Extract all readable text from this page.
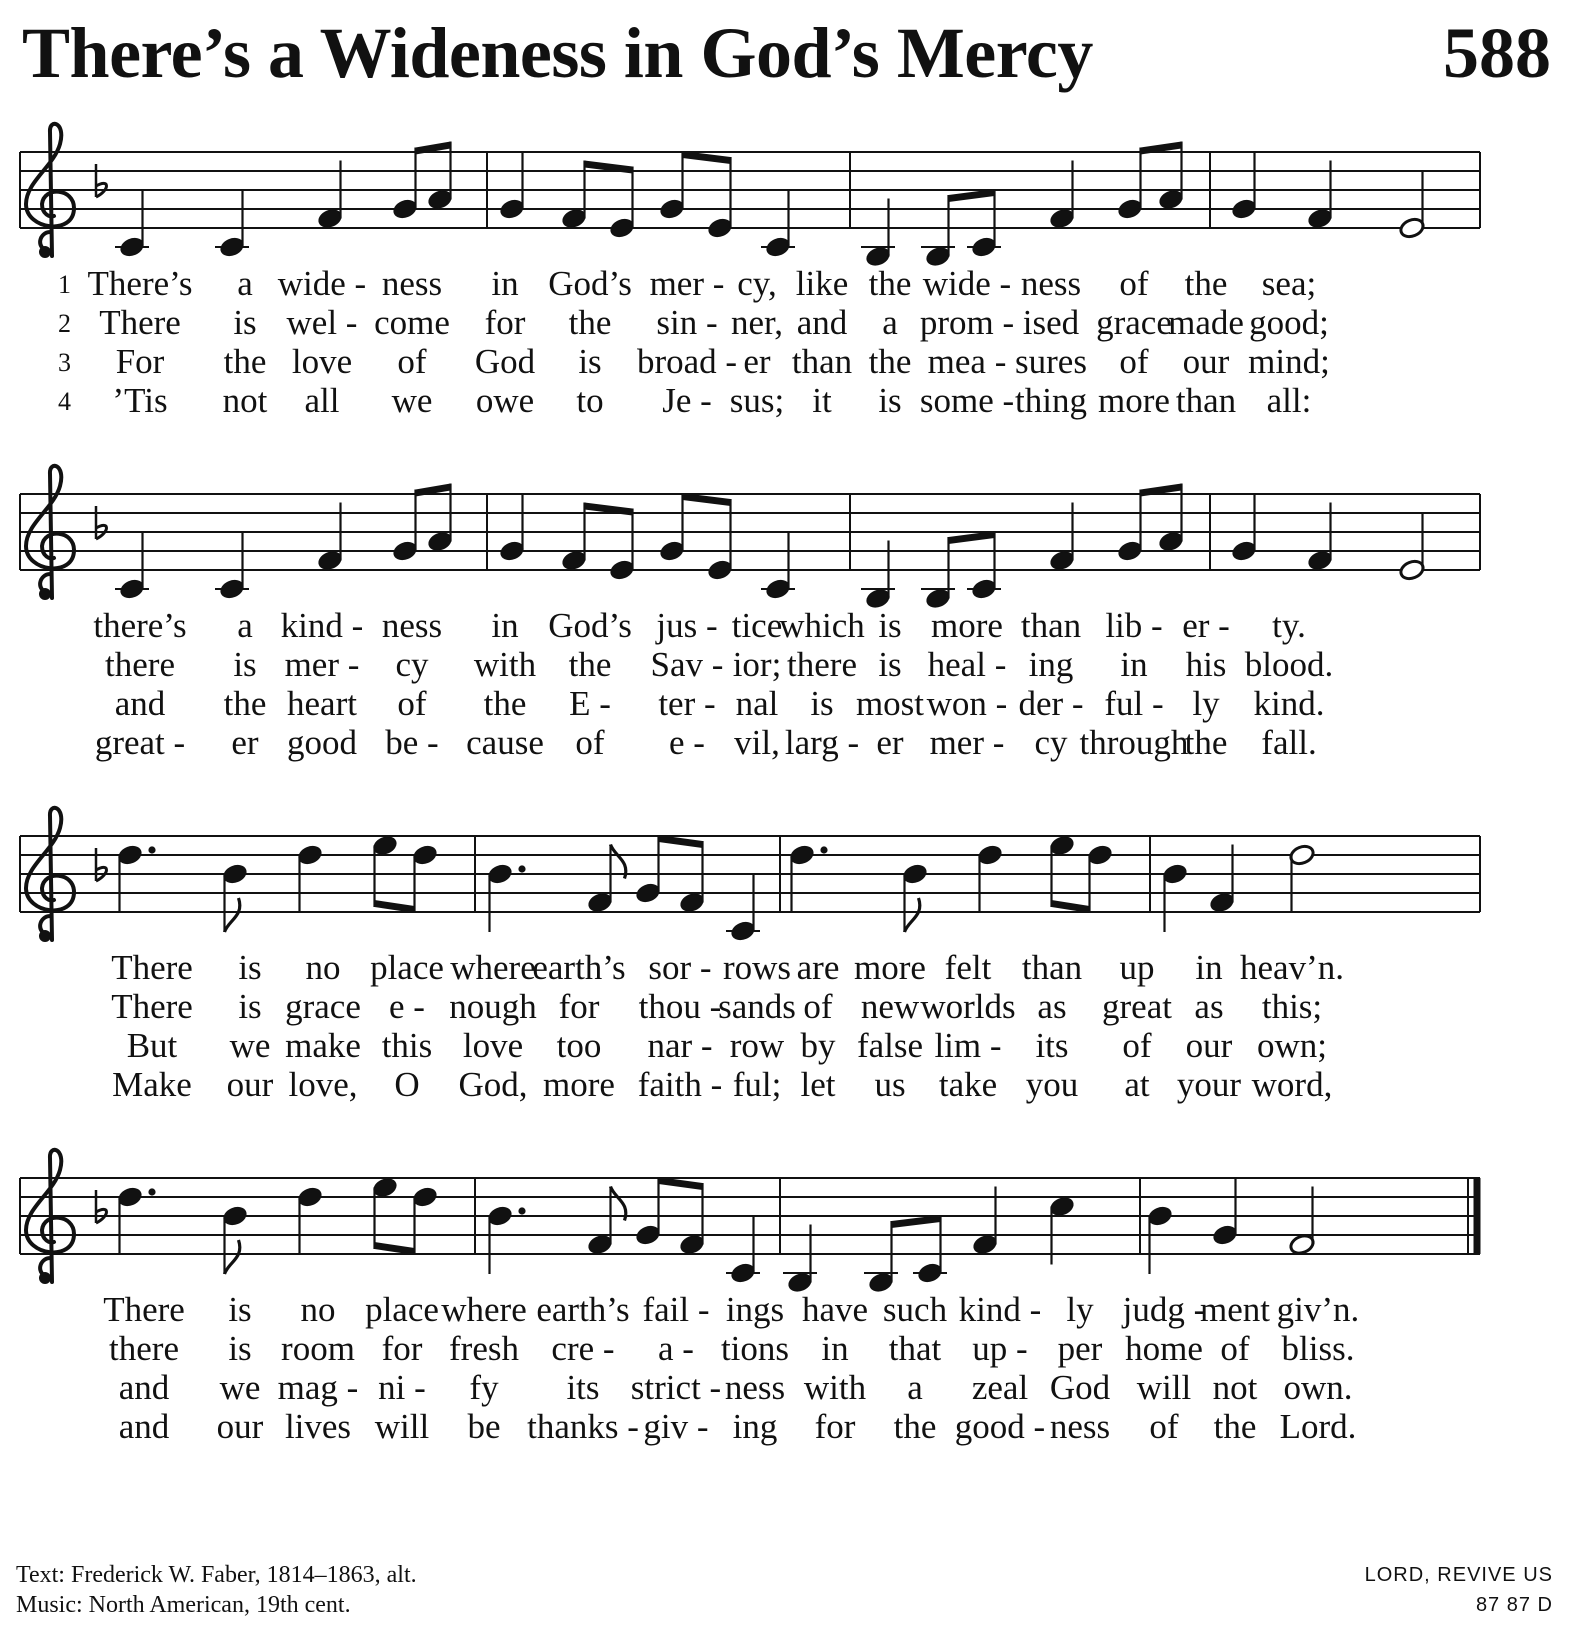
There’s a Wideness in God’s Mercy	588
1 There’s a wide - ness in God’s mer - cy, like the wide - ness of the sea;
2 There is wel - come for the sin - ner, and a prom - ised grace
made good;
3 For the love of God is broad - er than the mea - sures of our mind;
4 ’Tis not all we owe to Je - sus; it is some - thing more than all:
there’s a kind - ness in God’s jus - tice
which is more than lib - er - ty.
there is mer - cy with the Sav - ior; there is heal - ing in his blood.
and the heart of the E - ter - nal is most won - der - ful - ly kind.
great - er good be - cause of e - vil, larg - er mer - cy through
the fall.
There is no place where
earth’s sor - rows are more felt than up in heav’n.
There is grace e - nough for thou -
sands of new worlds as great as this;
But we make this love too nar - row by false lim - its of our own;
Make our love, O God, more faith - ful; let us take you at your word,
There is no place where earth’s fail - ings have such kind - ly judg -
ment giv’n.
there is room for fresh cre - a - tions in that up - per home of bliss.
and we mag - ni - fy its strict - ness with a zeal God will not own.
and our lives will be thanks - giv - ing for the good - ness of the Lord.
Text: Frederick W. Faber, 1814–1863, alt.
Music: North American, 19th cent.
LORD, REVIVE US
87 87 D
